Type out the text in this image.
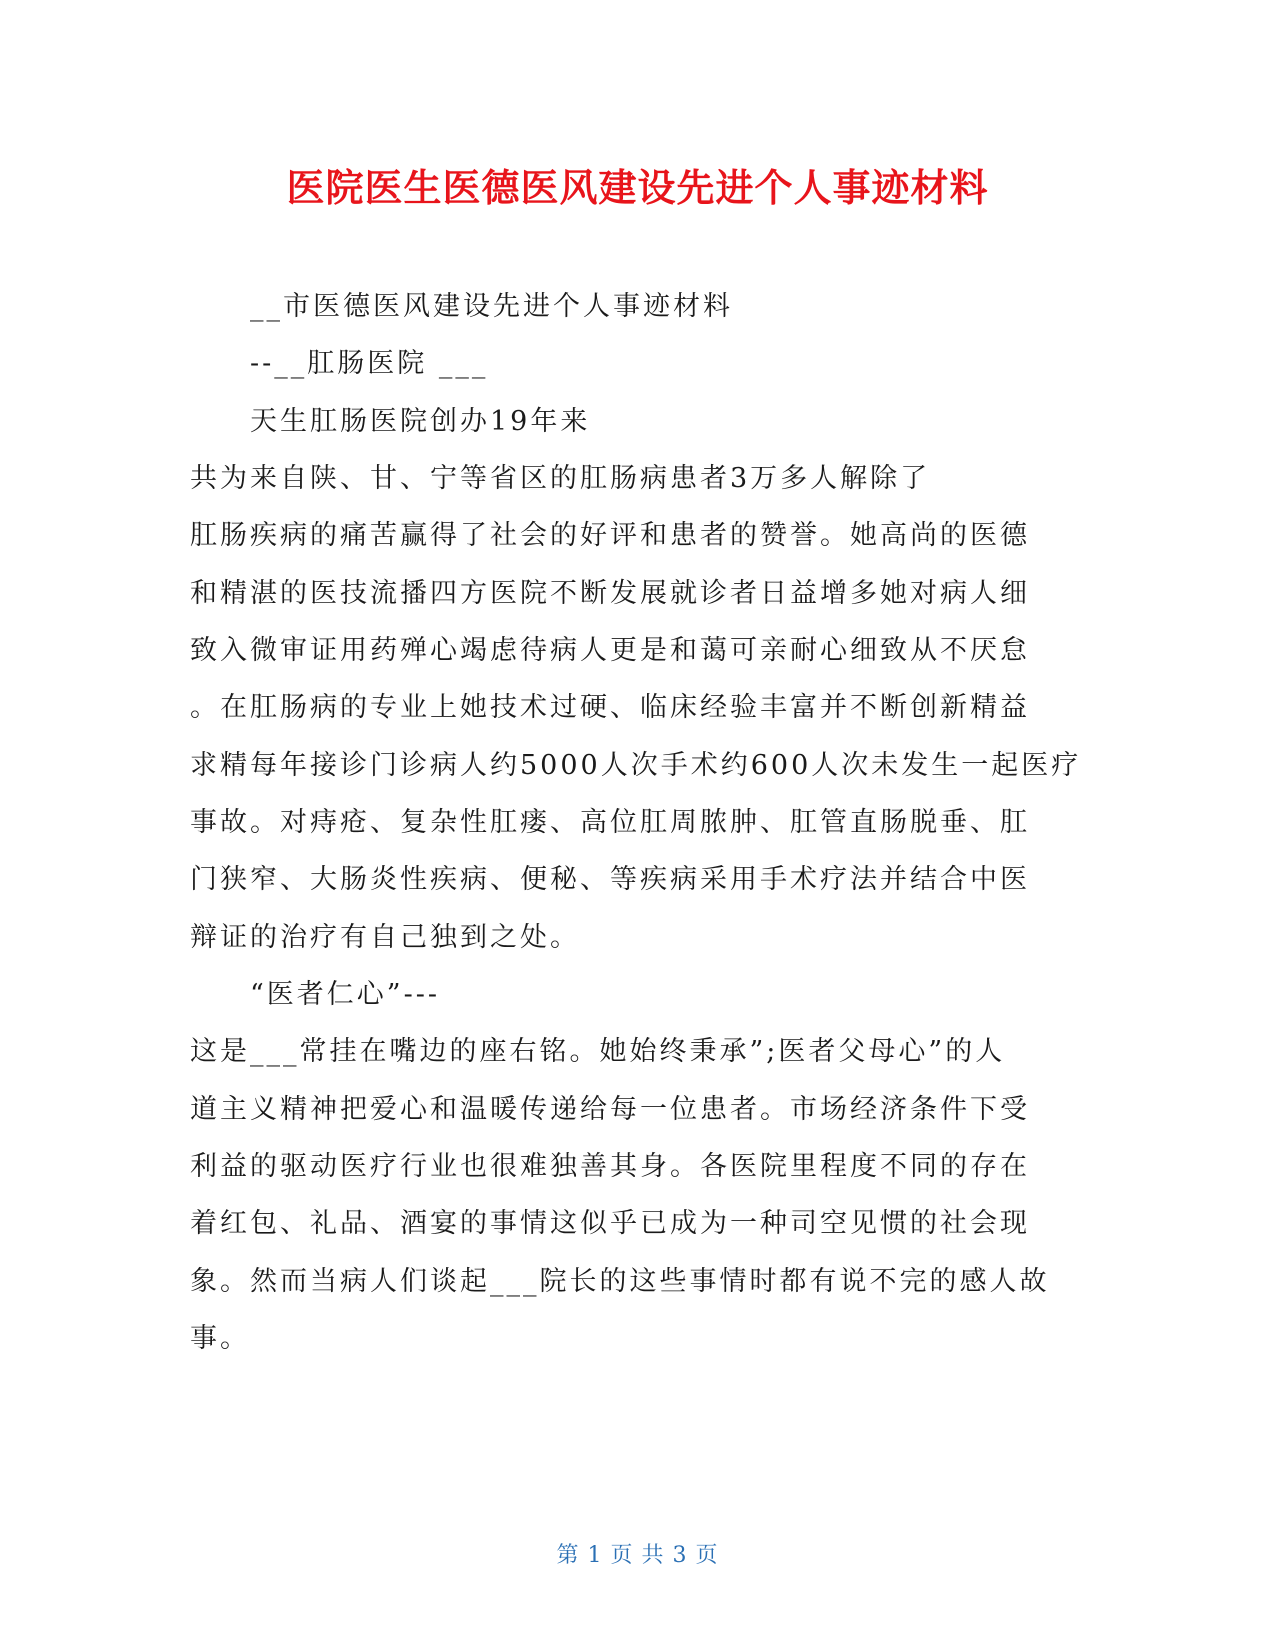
医院医生医德医风建设先进个人事迹材料
__市医德医风建设先进个人事迹材料
--__肛肠医院 ___
天生肛肠医院创办19年来
共为来自陕、甘、宁等省区的肛肠病患者3万多人解除了
肛肠疾病的痛苦赢得了社会的好评和患者的赞誉。她高尚的医德
和精湛的医技流播四方医院不断发展就诊者日益增多她对病人细
致入微审证用药殚心竭虑待病人更是和蔼可亲耐心细致从不厌怠
。在肛肠病的专业上她技术过硬、临床经验丰富并不断创新精益
求精每年接诊门诊病人约5000人次手术约600人次未发生一起医疗
事故。对痔疮、复杂性肛瘘、高位肛周脓肿、肛管直肠脱垂、肛
门狭窄、大肠炎性疾病、便秘、等疾病采用手术疗法并结合中医
辩证的治疗有自己独到之处。
“医者仁心”---
这是___常挂在嘴边的座右铭。她始终秉承”;医者父母心”的人
道主义精神把爱心和温暖传递给每一位患者。市场经济条件下受
利益的驱动医疗行业也很难独善其身。各医院里程度不同的存在
着红包、礼品、酒宴的事情这似乎已成为一种司空见惯的社会现
象。然而当病人们谈起___院长的这些事情时都有说不完的感人故
事。
第 1 页 共 3 页
